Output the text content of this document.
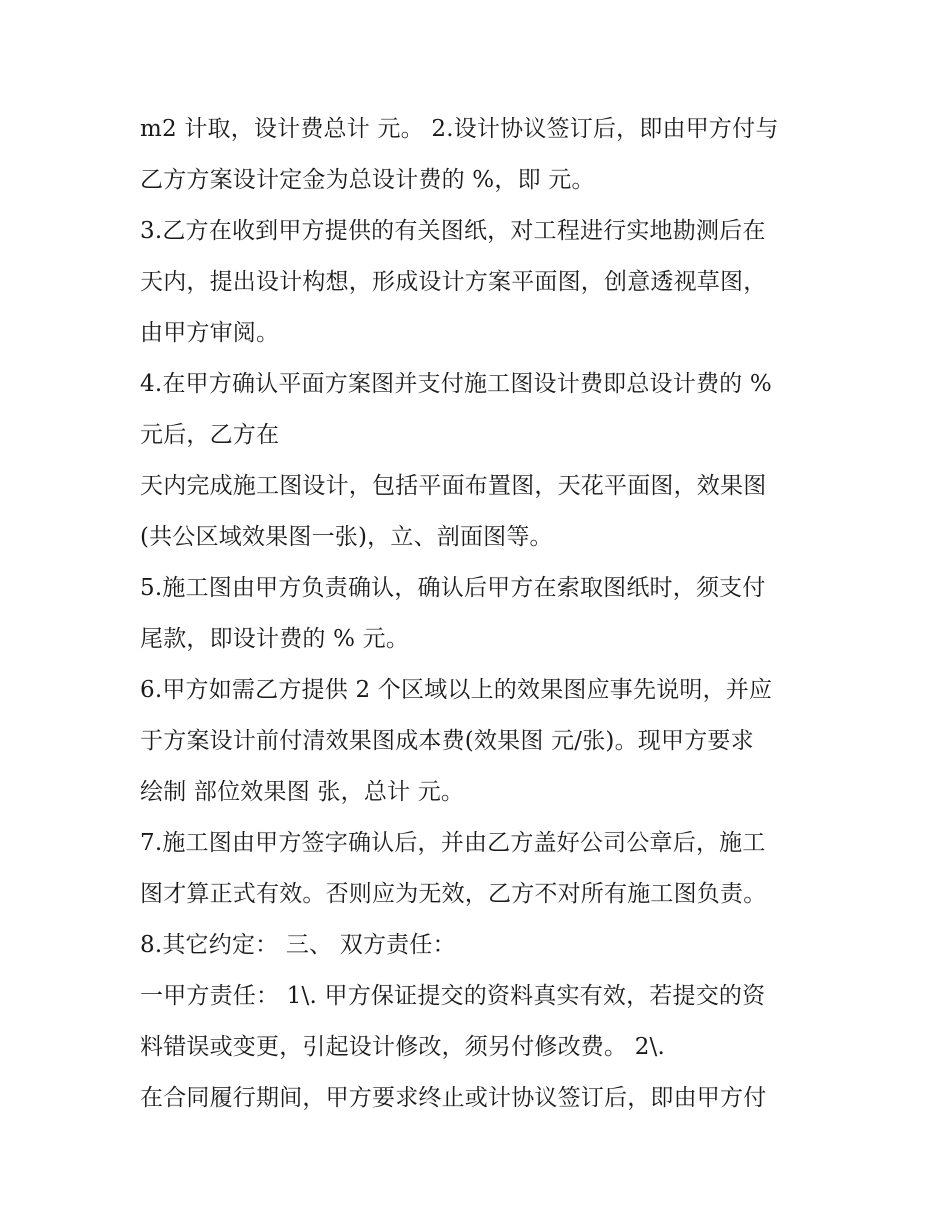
m2 计取，设计费总计 元。 2.设计协议签订后，即由甲方付与
乙方方案设计定金为总设计费的 %，即 元。
3.乙方在收到甲方提供的有关图纸，对工程进行实地勘测后在
天内，提出设计构想，形成设计方案平面图，创意透视草图，
由甲方审阅。
4.在甲方确认平面方案图并支付施工图设计费即总设计费的 %
元后，乙方在
天内完成施工图设计，包括平面布置图，天花平面图，效果图
(共公区域效果图一张)，立、剖面图等。
5.施工图由甲方负责确认，确认后甲方在索取图纸时，须支付
尾款，即设计费的 % 元。
6.甲方如需乙方提供 2 个区域以上的效果图应事先说明，并应
于方案设计前付清效果图成本费(效果图 元/张)。现甲方要求
绘制 部位效果图 张，总计 元。
7.施工图由甲方签字确认后，并由乙方盖好公司公章后，施工
图才算正式有效。否则应为无效，乙方不对所有施工图负责。
8.其它约定： 三、 双方责任：
一甲方责任： 1\. 甲方保证提交的资料真实有效，若提交的资
料错误或变更，引起设计修改，须另付修改费。 2\.
在合同履行期间，甲方要求终止或计协议签订后，即由甲方付
